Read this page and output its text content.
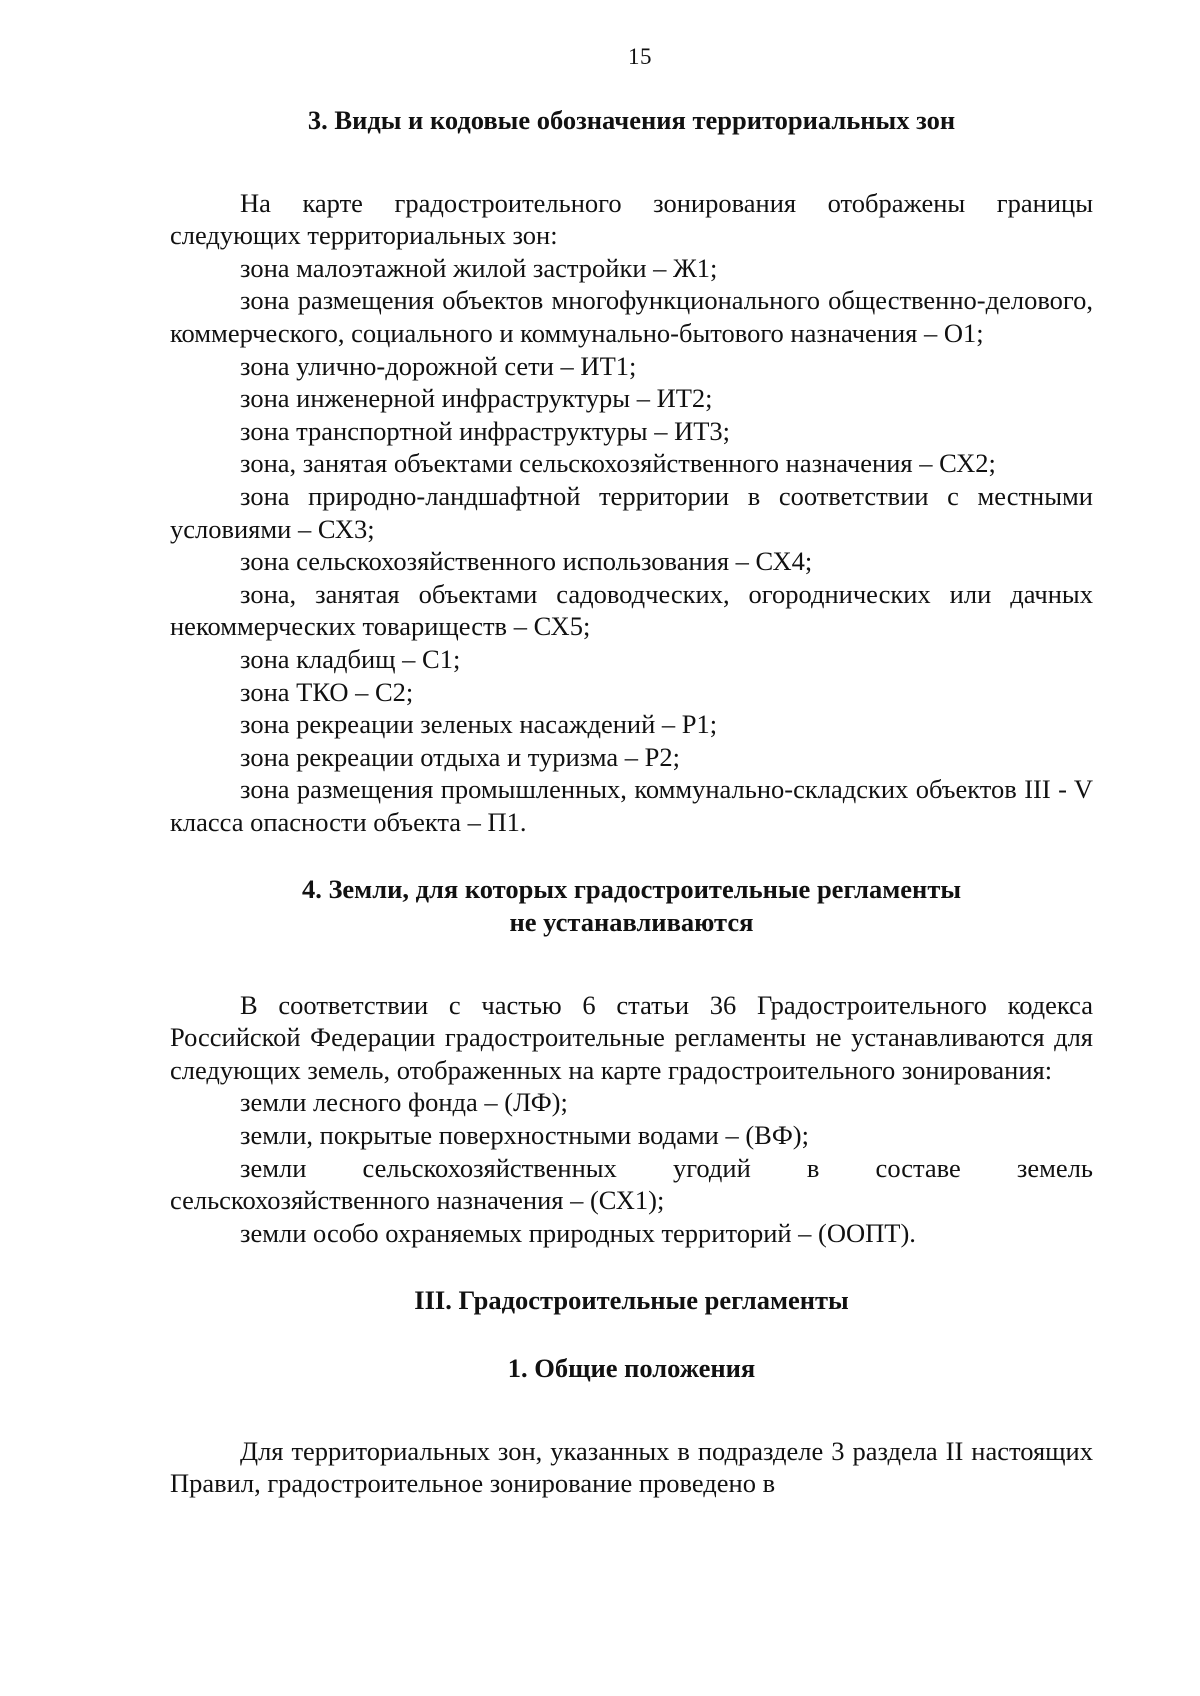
15
3. Виды и кодовые обозначения территориальных зон

На карте градостроительного зонирования отображены границы следующих территориальных зон:

зона малоэтажной жилой застройки – Ж1;

зона размещения объектов многофункционального общественно-делового, коммерческого, социального и коммунально-бытового назначения – О1;

зона улично-дорожной сети – ИТ1;

зона инженерной инфраструктуры – ИТ2;

зона транспортной инфраструктуры – ИТ3;

зона, занятая объектами сельскохозяйственного назначения – СХ2;

зона природно-ландшафтной территории в соответствии с местными условиями – СХ3;

зона сельскохозяйственного использования – СХ4;

зона, занятая объектами садоводческих, огороднических или дачных некоммерческих товариществ – СХ5;

зона кладбищ – С1;

зона ТКО – С2;

зона рекреации зеленых насаждений – Р1;

зона рекреации отдыха и туризма – Р2;

зона размещения промышленных, коммунально-складских объектов III - V класса опасности объекта – П1.

4. Земли, для которых градостроительные регламенты
не устанавливаются

В соответствии с частью 6 статьи 36 Градостроительного кодекса Российской Федерации градостроительные регламенты не устанавливаются для следующих земель, отображенных на карте градостроительного зонирования:

земли лесного фонда – (ЛФ);

земли, покрытые поверхностными водами – (ВФ);

земли сельскохозяйственных угодий в составе земель сельскохозяйственного назначения – (СХ1);

земли особо охраняемых природных территорий – (ООПТ).

III. Градостроительные регламенты
1. Общие положения

Для территориальных зон, указанных в подразделе 3 раздела II настоящих Правил, градостроительное зонирование проведено в
